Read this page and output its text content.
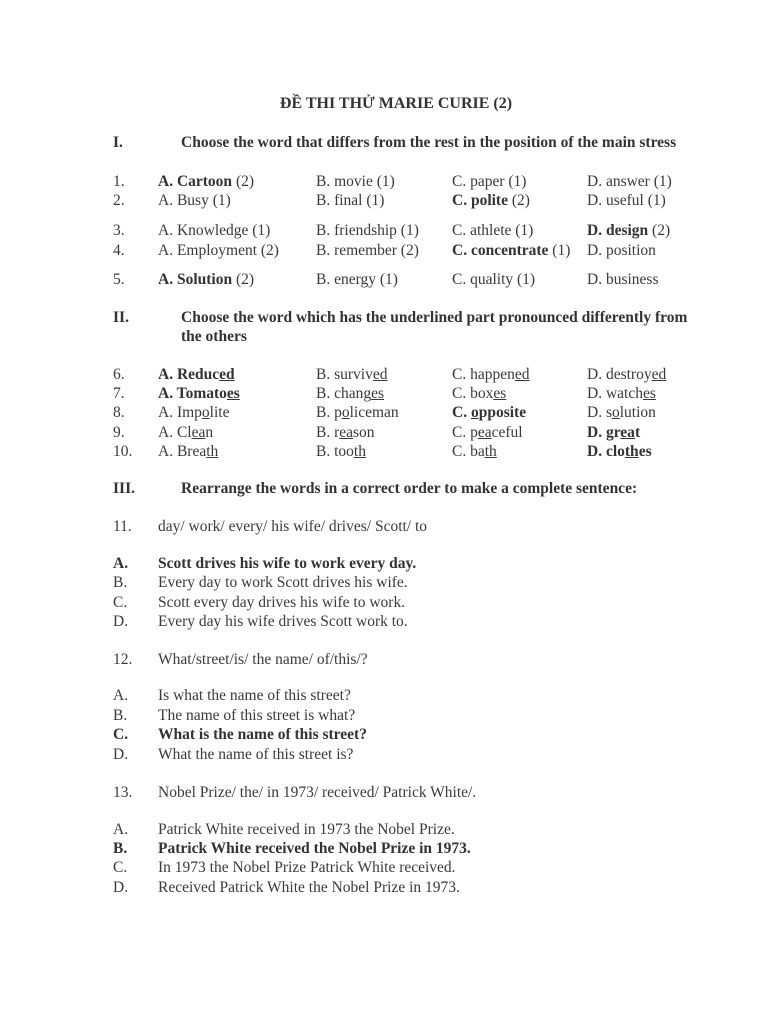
ĐỀ THI THỬ MARIE CURIE (2)
I.	Choose the word that differs from the rest in the position of the main stress
II.	Choose the word which has the underlined part pronounced differently from the others
III.	Rearrange the words in a correct order to make a complete sentence:
1. A. Cartoon (2)	B. movie (1)	C. paper (1)	D. answer (1)
2. A. Busy (1)	B. final (1)	C. polite (2)	D. useful (1)
3. A. Knowledge (1)	B. friendship (1) C. athlete (1)	D. design (2)
4. A. Employment (2) B. remember (2) C. concentrate (1) D. position
5. A. Solution (2)	B. energy (1)	C. quality (1)	D. business
6. A. Reduced	B. survived	C. happened	D. destroyed
7. A. Tomatoes	B. changes	C. boxes	D. watches
8. A. Impolite	B. policeman	C. opposite	D. solution
9. A. Clean	B. reason	C. peaceful	D. great
10. A. Breath	B. tooth	C. bath	D. clothes
11. day/ work/ every/ his wife/ drives/ Scott/ to
A. Scott drives his wife to work every day.
B. Every day to work Scott drives his wife.
C. Scott every day drives his wife to work.
D. Every day his wife drives Scott work to.
12. What/street/is/ the name/ of/this/?
A. Is what the name of this street?
B. The name of this street is what?
C. What is the name of this street?
D. What the name of this street is?
13. Nobel Prize/ the/ in 1973/ received/ Patrick White/.
A. Patrick White received in 1973 the Nobel Prize.
B. Patrick White received the Nobel Prize in 1973.
C. In 1973 the Nobel Prize Patrick White received.
D. Received Patrick White the Nobel Prize in 1973.
